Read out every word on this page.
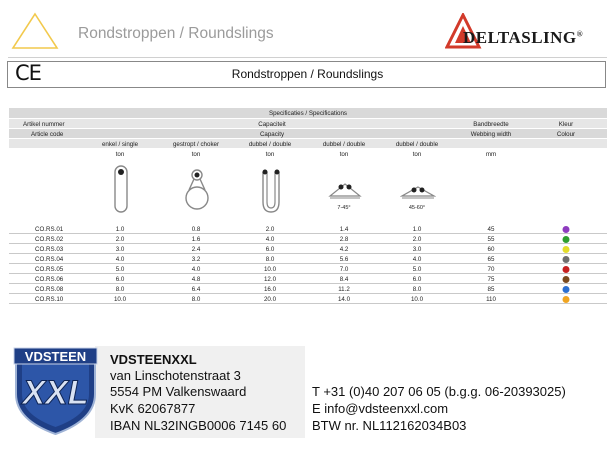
Rondstroppen / Roundslings	DELTASLING®
CE	Rondstroppen / Roundslings
Specificaties / Specifications
Artikel nummer	Capaciteit	Bandbreedte	Kleur
Article code	Capacity	Webbing width	Colour
enkel / single	gestropt / choker	dubbel / double	dubbel / double	dubbel / double
ton	ton	ton	ton	ton	mm
7-45°	45-60°
CO.RS.01	1.0	0.8	2.0	1.4	1.0	45
CO.RS.02	2.0	1.6	4.0	2.8	2.0	55
CO.RS.03	3.0	2.4	6.0	4.2	3.0	60
CO.RS.04	4.0	3.2	8.0	5.6	4.0	65
CO.RS.05	5.0	4.0	10.0	7.0	5.0	70
CO.RS.06	6.0	4.8	12.0	8.4	6.0	75
CO.RS.08	8.0	6.4	16.0	11.2	8.0	85
CO.RS.10	10.0	8.0	20.0	14.0	10.0	110
VDSTEEN
XXL
VDSTEENXXL
van Linschotenstraat 3
5554 PM Valkenswaard
KvK 62067877
IBAN NL32INGB0006 7145 60
T +31 (0)40 207 06 05 (b.g.g. 06-20393025)
E info@vdsteenxxl.com
BTW nr. NL112162034B03
